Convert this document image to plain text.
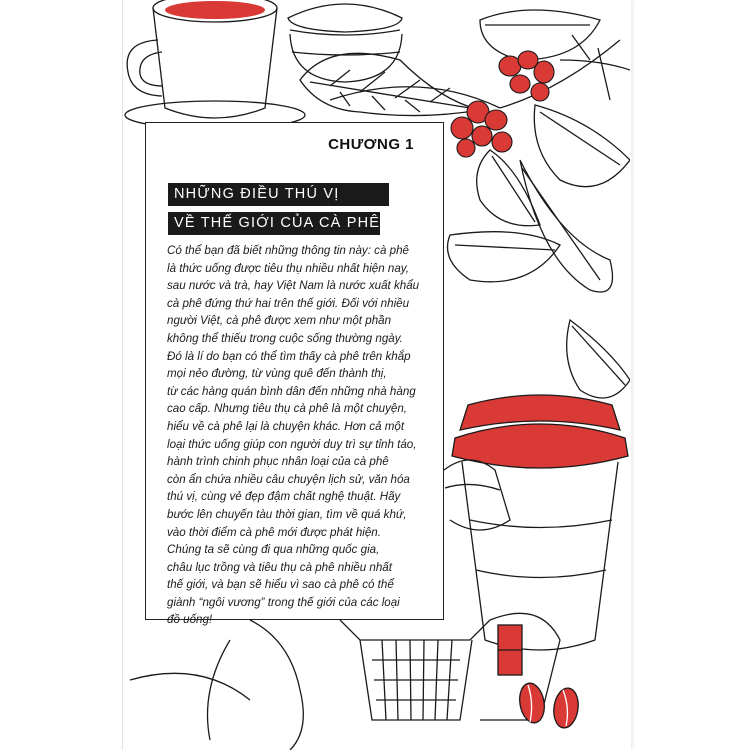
CHƯƠNG 1
NHỮNG ĐIỀU THÚ VỊ
VỀ THẾ GIỚI CỦA CÀ PHÊ

Có thể bạn đã biết những thông tin này: cà phê

là thức uống được tiêu thụ nhiều nhất hiện nay,

sau nước và trà, hay Việt Nam là nước xuất khẩu

cà phê đứng thứ hai trên thế giới. Đối với nhiều

người Việt, cà phê được xem như một phần

không thể thiếu trong cuộc sống thường ngày.

Đó là lí do bạn có thể tìm thấy cà phê trên khắp

mọi nẻo đường, từ vùng quê đến thành thị,

từ các hàng quán bình dân đến những nhà hàng

cao cấp. Nhưng tiêu thụ cà phê là một chuyện,

hiểu về cà phê lại là chuyện khác. Hơn cả một

loại thức uống giúp con người duy trì sự tỉnh táo,

hành trình chinh phục nhân loại của cà phê

còn ẩn chứa nhiều câu chuyện lịch sử, văn hóa

thú vị, cùng vẻ đẹp đậm chất nghệ thuật. Hãy

bước lên chuyến tàu thời gian, tìm về quá khứ,

vào thời điểm cà phê mới được phát hiện.

Chúng ta sẽ cùng đi qua những quốc gia,

châu lục trồng và tiêu thụ cà phê nhiều nhất

thế giới, và bạn sẽ hiểu vì sao cà phê có thể

giành “ngôi vương” trong thế giới của các loại

đồ uống!
